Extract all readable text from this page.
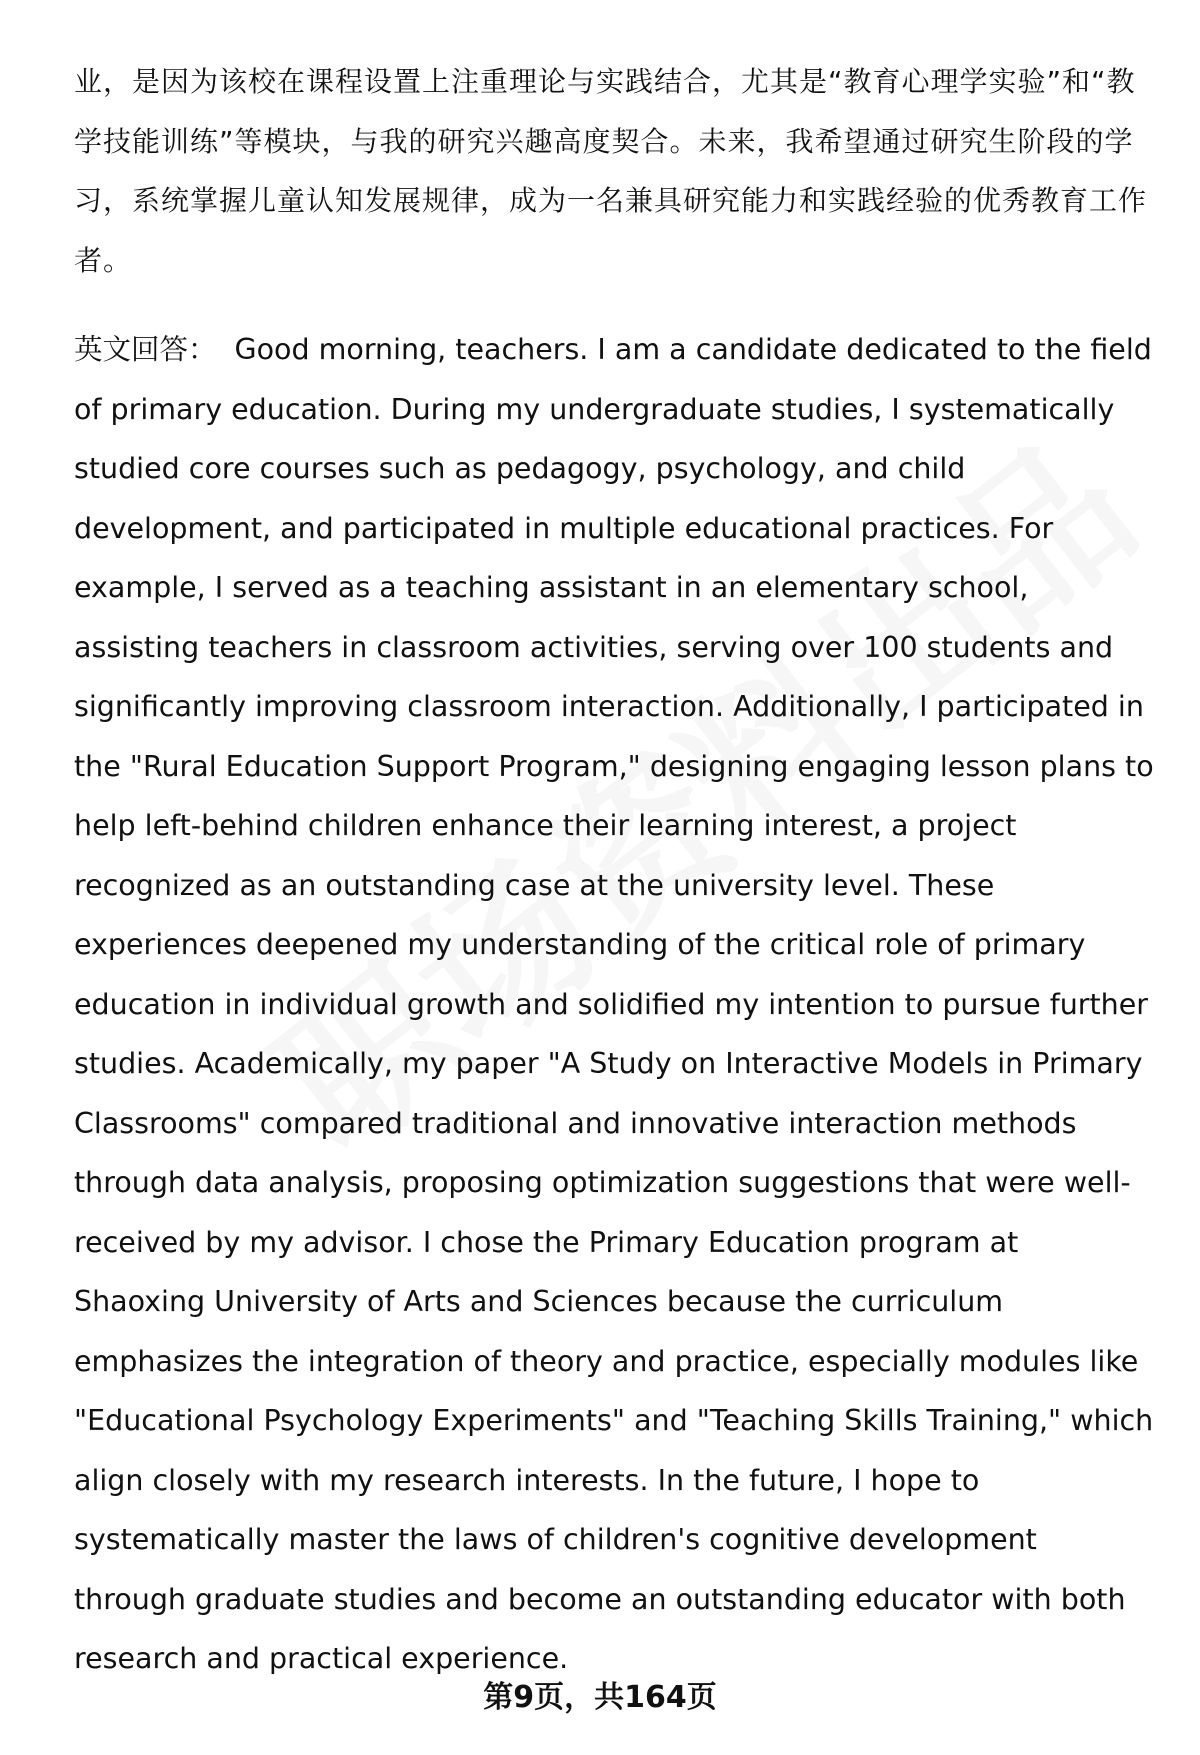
业，是因为该校在课程设置上注重理论与实践结合，尤其是“教育心理学实验”和“教学技能训练”等模块，与我的研究兴趣高度契合。未来，我希望通过研究生阶段的学习，系统掌握儿童认知发展规律，成为一名兼具研究能力和实践经验的优秀教育工作者。

英文回答： Good morning, teachers. I am a candidate dedicated to the field of primary education. During my undergraduate studies, I systematically studied core courses such as pedagogy, psychology, and child development, and participated in multiple educational practices. For example, I served as a teaching assistant in an elementary school, assisting teachers in classroom activities, serving over 100 students and significantly improving classroom interaction. Additionally, I participated in the "Rural Education Support Program," designing engaging lesson plans to help left-behind children enhance their learning interest, a project recognized as an outstanding case at the university level. These experiences deepened my understanding of the critical role of primary education in individual growth and solidified my intention to pursue further studies. Academically, my paper "A Study on Interactive Models in Primary Classrooms" compared traditional and innovative interaction methods through data analysis, proposing optimization suggestions that were well-received by my advisor. I chose the Primary Education program at Shaoxing University of Arts and Sciences because the curriculum emphasizes the integration of theory and practice, especially modules like "Educational Psychology Experiments" and "Teaching Skills Training," which align closely with my research interests. In the future, I hope to systematically master the laws of children's cognitive development through graduate studies and become an outstanding educator with both research and practical experience.

第9页，共164页
